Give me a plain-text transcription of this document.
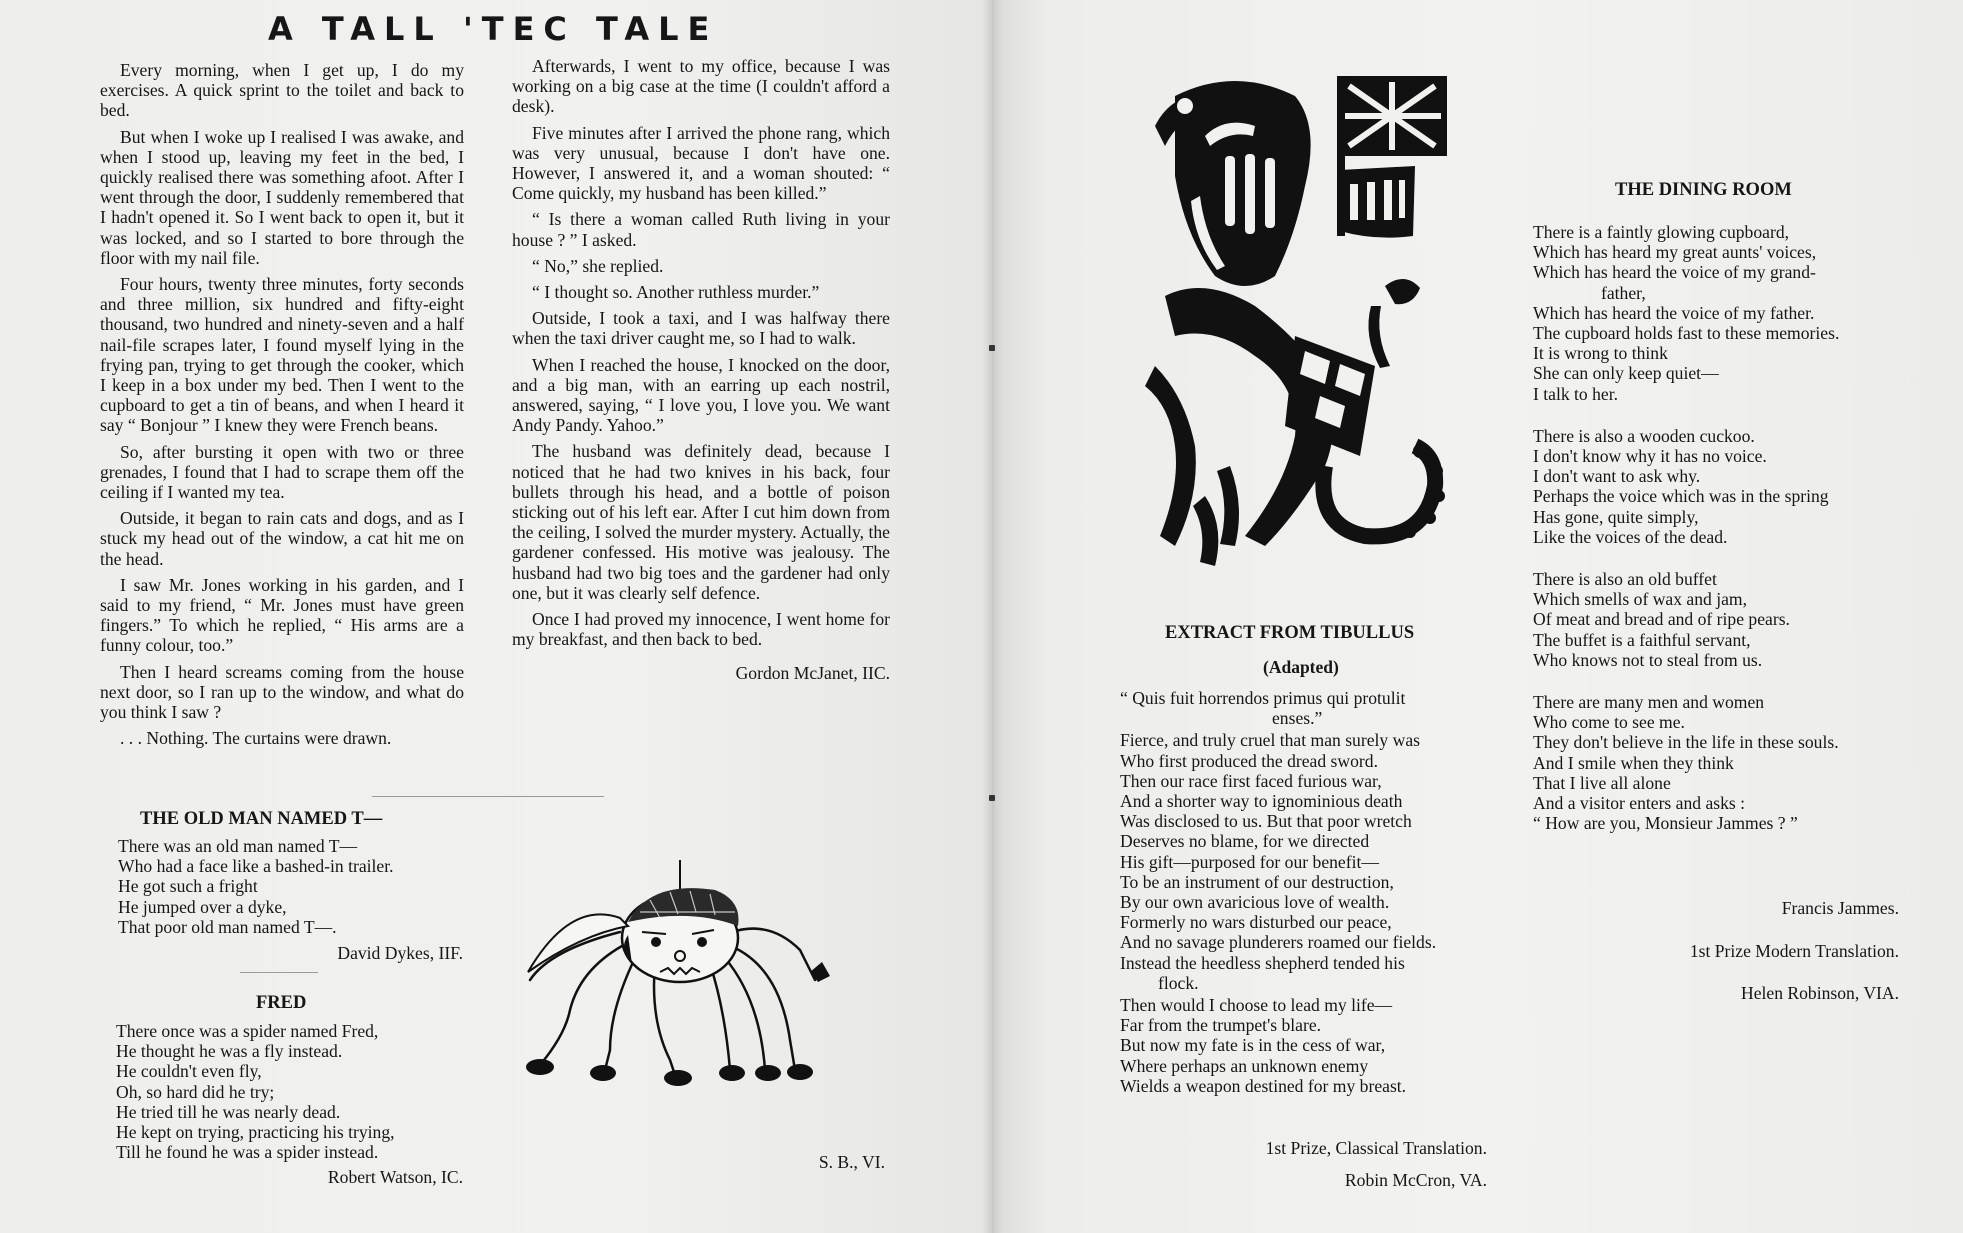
A TALL 'TEC TALE

Every morning, when I get up, I do my exercises. A quick sprint to the toilet and back to bed.

But when I woke up I realised I was awake, and when I stood up, leaving my feet in the bed, I quickly realised there was something afoot. After I went through the door, I suddenly remembered that I hadn't opened it. So I went back to open it, but it was locked, and so I started to bore through the floor with my nail file.

Four hours, twenty three minutes, forty seconds and three million, six hundred and fifty-eight thousand, two hundred and ninety-seven and a half nail-file scrapes later, I found myself lying in the frying pan, trying to get through the cooker, which I keep in a box under my bed. Then I went to the cupboard to get a tin of beans, and when I heard it say “ Bonjour ” I knew they were French beans.

So, after bursting it open with two or three grenades, I found that I had to scrape them off the ceiling if I wanted my tea.

Outside, it began to rain cats and dogs, and as I stuck my head out of the window, a cat hit me on the head.

I saw Mr. Jones working in his garden, and I said to my friend, “ Mr. Jones must have green fingers.” To which he replied, “ His arms are a funny colour, too.”

Then I heard screams coming from the house next door, so I ran up to the window, and what do you think I saw ?

. . . Nothing. The curtains were drawn.

Afterwards, I went to my office, because I was working on a big case at the time (I couldn't afford a desk).

Five minutes after I arrived the phone rang, which was very unusual, because I don't have one. However, I answered it, and a woman shouted: “ Come quickly, my husband has been killed.”

“ Is there a woman called Ruth living in your house ? ” I asked.

“ No,” she replied.

“ I thought so. Another ruthless murder.”

Outside, I took a taxi, and I was halfway there when the taxi driver caught me, so I had to walk.

When I reached the house, I knocked on the door, and a big man, with an earring up each nostril, answered, saying, “ I love you, I love you. We want Andy Pandy. Yahoo.”

The husband was definitely dead, because I noticed that he had two knives in his back, four bullets through his head, and a bottle of poison sticking out of his left ear. After I cut him down from the ceiling, I solved the murder mystery. Actually, the gardener confessed. His motive was jealousy. The husband had two big toes and the gardener had only one, but it was clearly self defence.

Once I had proved my innocence, I went home for my breakfast, and then back to bed.

Gordon McJanet, IIC.

THE OLD MAN NAMED T—
There was an old man named T—
Who had a face like a bashed-in trailer.
He got such a fright
He jumped over a dyke,
That poor old man named T—.
David Dykes, IIF.
FRED
There once was a spider named Fred,
He thought he was a fly instead.
He couldn't even fly,
Oh, so hard did he try;
He tried till he was nearly dead.
He kept on trying, practicing his trying,
Till he found he was a spider instead.
Robert Watson, IC.
S. B., VI.
EXTRACT FROM TIBULLUS
(Adapted)
“ Quis fuit horrendos primus qui protulit
enses.”
Fierce, and truly cruel that man surely was
Who first produced the dread sword.
Then our race first faced furious war,
And a shorter way to ignominious death
Was disclosed to us. But that poor wretch
Deserves no blame, for we directed
His gift—purposed for our benefit—
To be an instrument of our destruction,
By our own avaricious love of wealth.
Formerly no wars disturbed our peace,
And no savage plunderers roamed our fields.
Instead the heedless shepherd tended his
flock.
Then would I choose to lead my life—
Far from the trumpet's blare.
But now my fate is in the cess of war,
Where perhaps an unknown enemy
Wields a weapon destined for my breast.
1st Prize, Classical Translation.
Robin McCron, VA.
THE DINING ROOM
There is a faintly glowing cupboard,
Which has heard my great aunts' voices,
Which has heard the voice of my grand-
father,
Which has heard the voice of my father.
The cupboard holds fast to these memories.
It is wrong to think
She can only keep quiet—
I talk to her.
There is also a wooden cuckoo.
I don't know why it has no voice.
I don't want to ask why.
Perhaps the voice which was in the spring
Has gone, quite simply,
Like the voices of the dead.
There is also an old buffet
Which smells of wax and jam,
Of meat and bread and of ripe pears.
The buffet is a faithful servant,
Who knows not to steal from us.
There are many men and women
Who come to see me.
They don't believe in the life in these souls.
And I smile when they think
That I live all alone
And a visitor enters and asks :
“ How are you, Monsieur Jammes ? ”
Francis Jammes.
1st Prize Modern Translation.
Helen Robinson, VIA.
